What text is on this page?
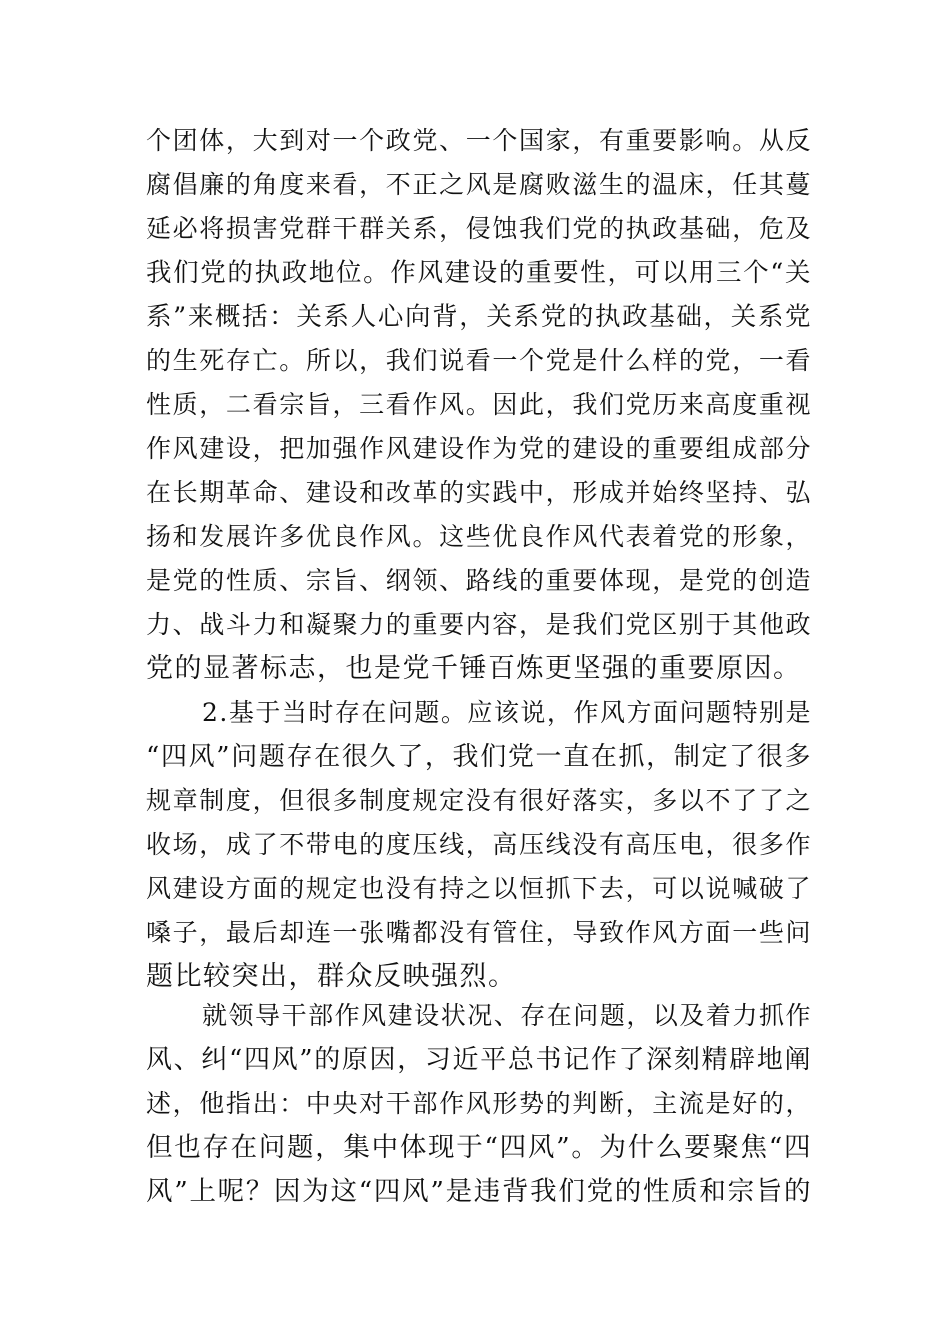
个团体，大到对一个政党、一个国家，有重要影响。从反
腐倡廉的角度来看，不正之风是腐败滋生的温床，任其蔓
延必将损害党群干群关系，侵蚀我们党的执政基础，危及
我们党的执政地位。作风建设的重要性，可以用三个“关
系”来概括：关系人心向背，关系党的执政基础，关系党
的生死存亡。所以，我们说看一个党是什么样的党，一看
性质，二看宗旨，三看作风。因此，我们党历来高度重视
作风建设，把加强作风建设作为党的建设的重要组成部分
在长期革命、建设和改革的实践中，形成并始终坚持、弘
扬和发展许多优良作风。这些优良作风代表着党的形象，
是党的性质、宗旨、纲领、路线的重要体现，是党的创造
力、战斗力和凝聚力的重要内容，是我们党区别于其他政
党的显著标志，也是党千锤百炼更坚强的重要原因。
2.基于当时存在问题。应该说，作风方面问题特别是
“四风”问题存在很久了，我们党一直在抓，制定了很多
规章制度，但很多制度规定没有很好落实，多以不了了之
收场，成了不带电的度压线，高压线没有高压电，很多作
风建设方面的规定也没有持之以恒抓下去，可以说喊破了
嗓子，最后却连一张嘴都没有管住，导致作风方面一些问
题比较突出，群众反映强烈。
就领导干部作风建设状况、存在问题，以及着力抓作
风、纠“四风”的原因，习近平总书记作了深刻精辟地阐
述，他指出：中央对干部作风形势的判断，主流是好的，
但也存在问题，集中体现于“四风”。为什么要聚焦“四
风”上呢？因为这“四风”是违背我们党的性质和宗旨的
